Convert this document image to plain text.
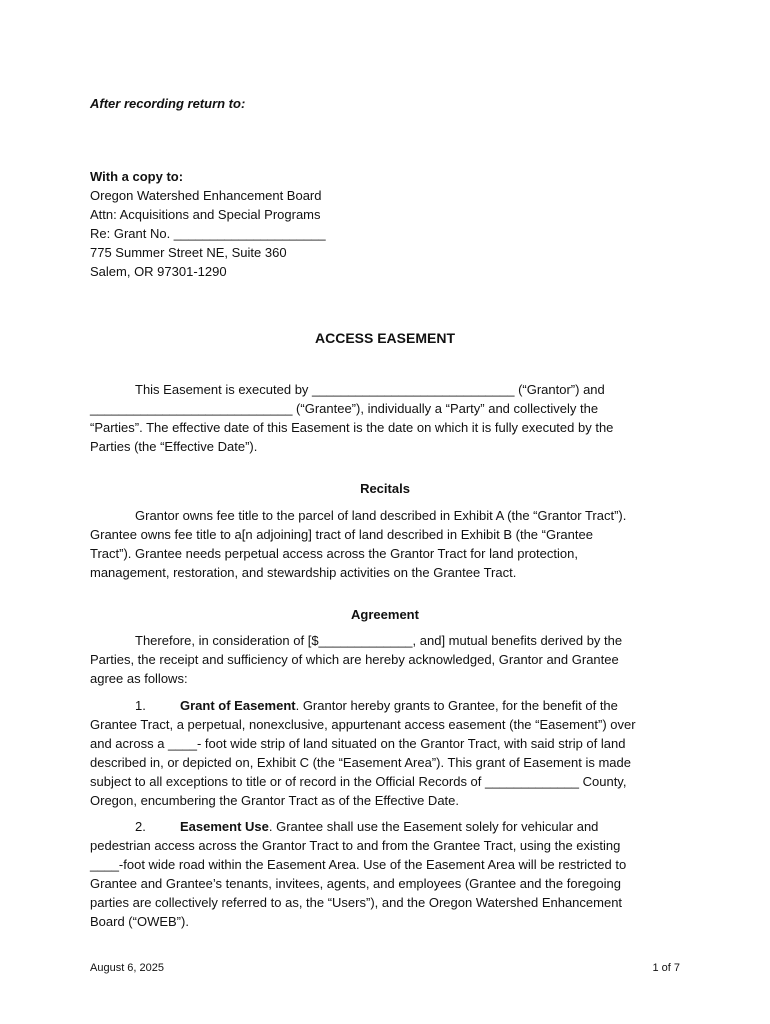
After recording return to:
With a copy to:
Oregon Watershed Enhancement Board
Attn: Acquisitions and Special Programs
Re: Grant No. _____________________
775 Summer Street NE, Suite 360
Salem, OR 97301-1290
ACCESS EASEMENT
This Easement is executed by ____________________________ (“Grantor”) and
____________________________ (“Grantee”), individually a “Party” and collectively the
“Parties”. The effective date of this Easement is the date on which it is fully executed by the
Parties (the “Effective Date”).
Recitals
Grantor owns fee title to the parcel of land described in Exhibit A (the “Grantor Tract”).
Grantee owns fee title to a[n adjoining] tract of land described in Exhibit B (the “Grantee
Tract”). Grantee needs perpetual access across the Grantor Tract for land protection,
management, restoration, and stewardship activities on the Grantee Tract.
Agreement
Therefore, in consideration of [$_____________, and] mutual benefits derived by the
Parties, the receipt and sufficiency of which are hereby acknowledged, Grantor and Grantee
agree as follows:
1.	Grant of Easement. Grantor hereby grants to Grantee, for the benefit of the
Grantee Tract, a perpetual, nonexclusive, appurtenant access easement (the “Easement”) over
and across a ____- foot wide strip of land situated on the Grantor Tract, with said strip of land
described in, or depicted on, Exhibit C (the “Easement Area”). This grant of Easement is made
subject to all exceptions to title or of record in the Official Records of _____________ County,
Oregon, encumbering the Grantor Tract as of the Effective Date.
2.	Easement Use. Grantee shall use the Easement solely for vehicular and
pedestrian access across the Grantor Tract to and from the Grantee Tract, using the existing
____-foot wide road within the Easement Area. Use of the Easement Area will be restricted to
Grantee and Grantee’s tenants, invitees, agents, and employees (Grantee and the foregoing
parties are collectively referred to as, the “Users”), and the Oregon Watershed Enhancement
Board (“OWEB”).
August 6, 2025	1 of 7
